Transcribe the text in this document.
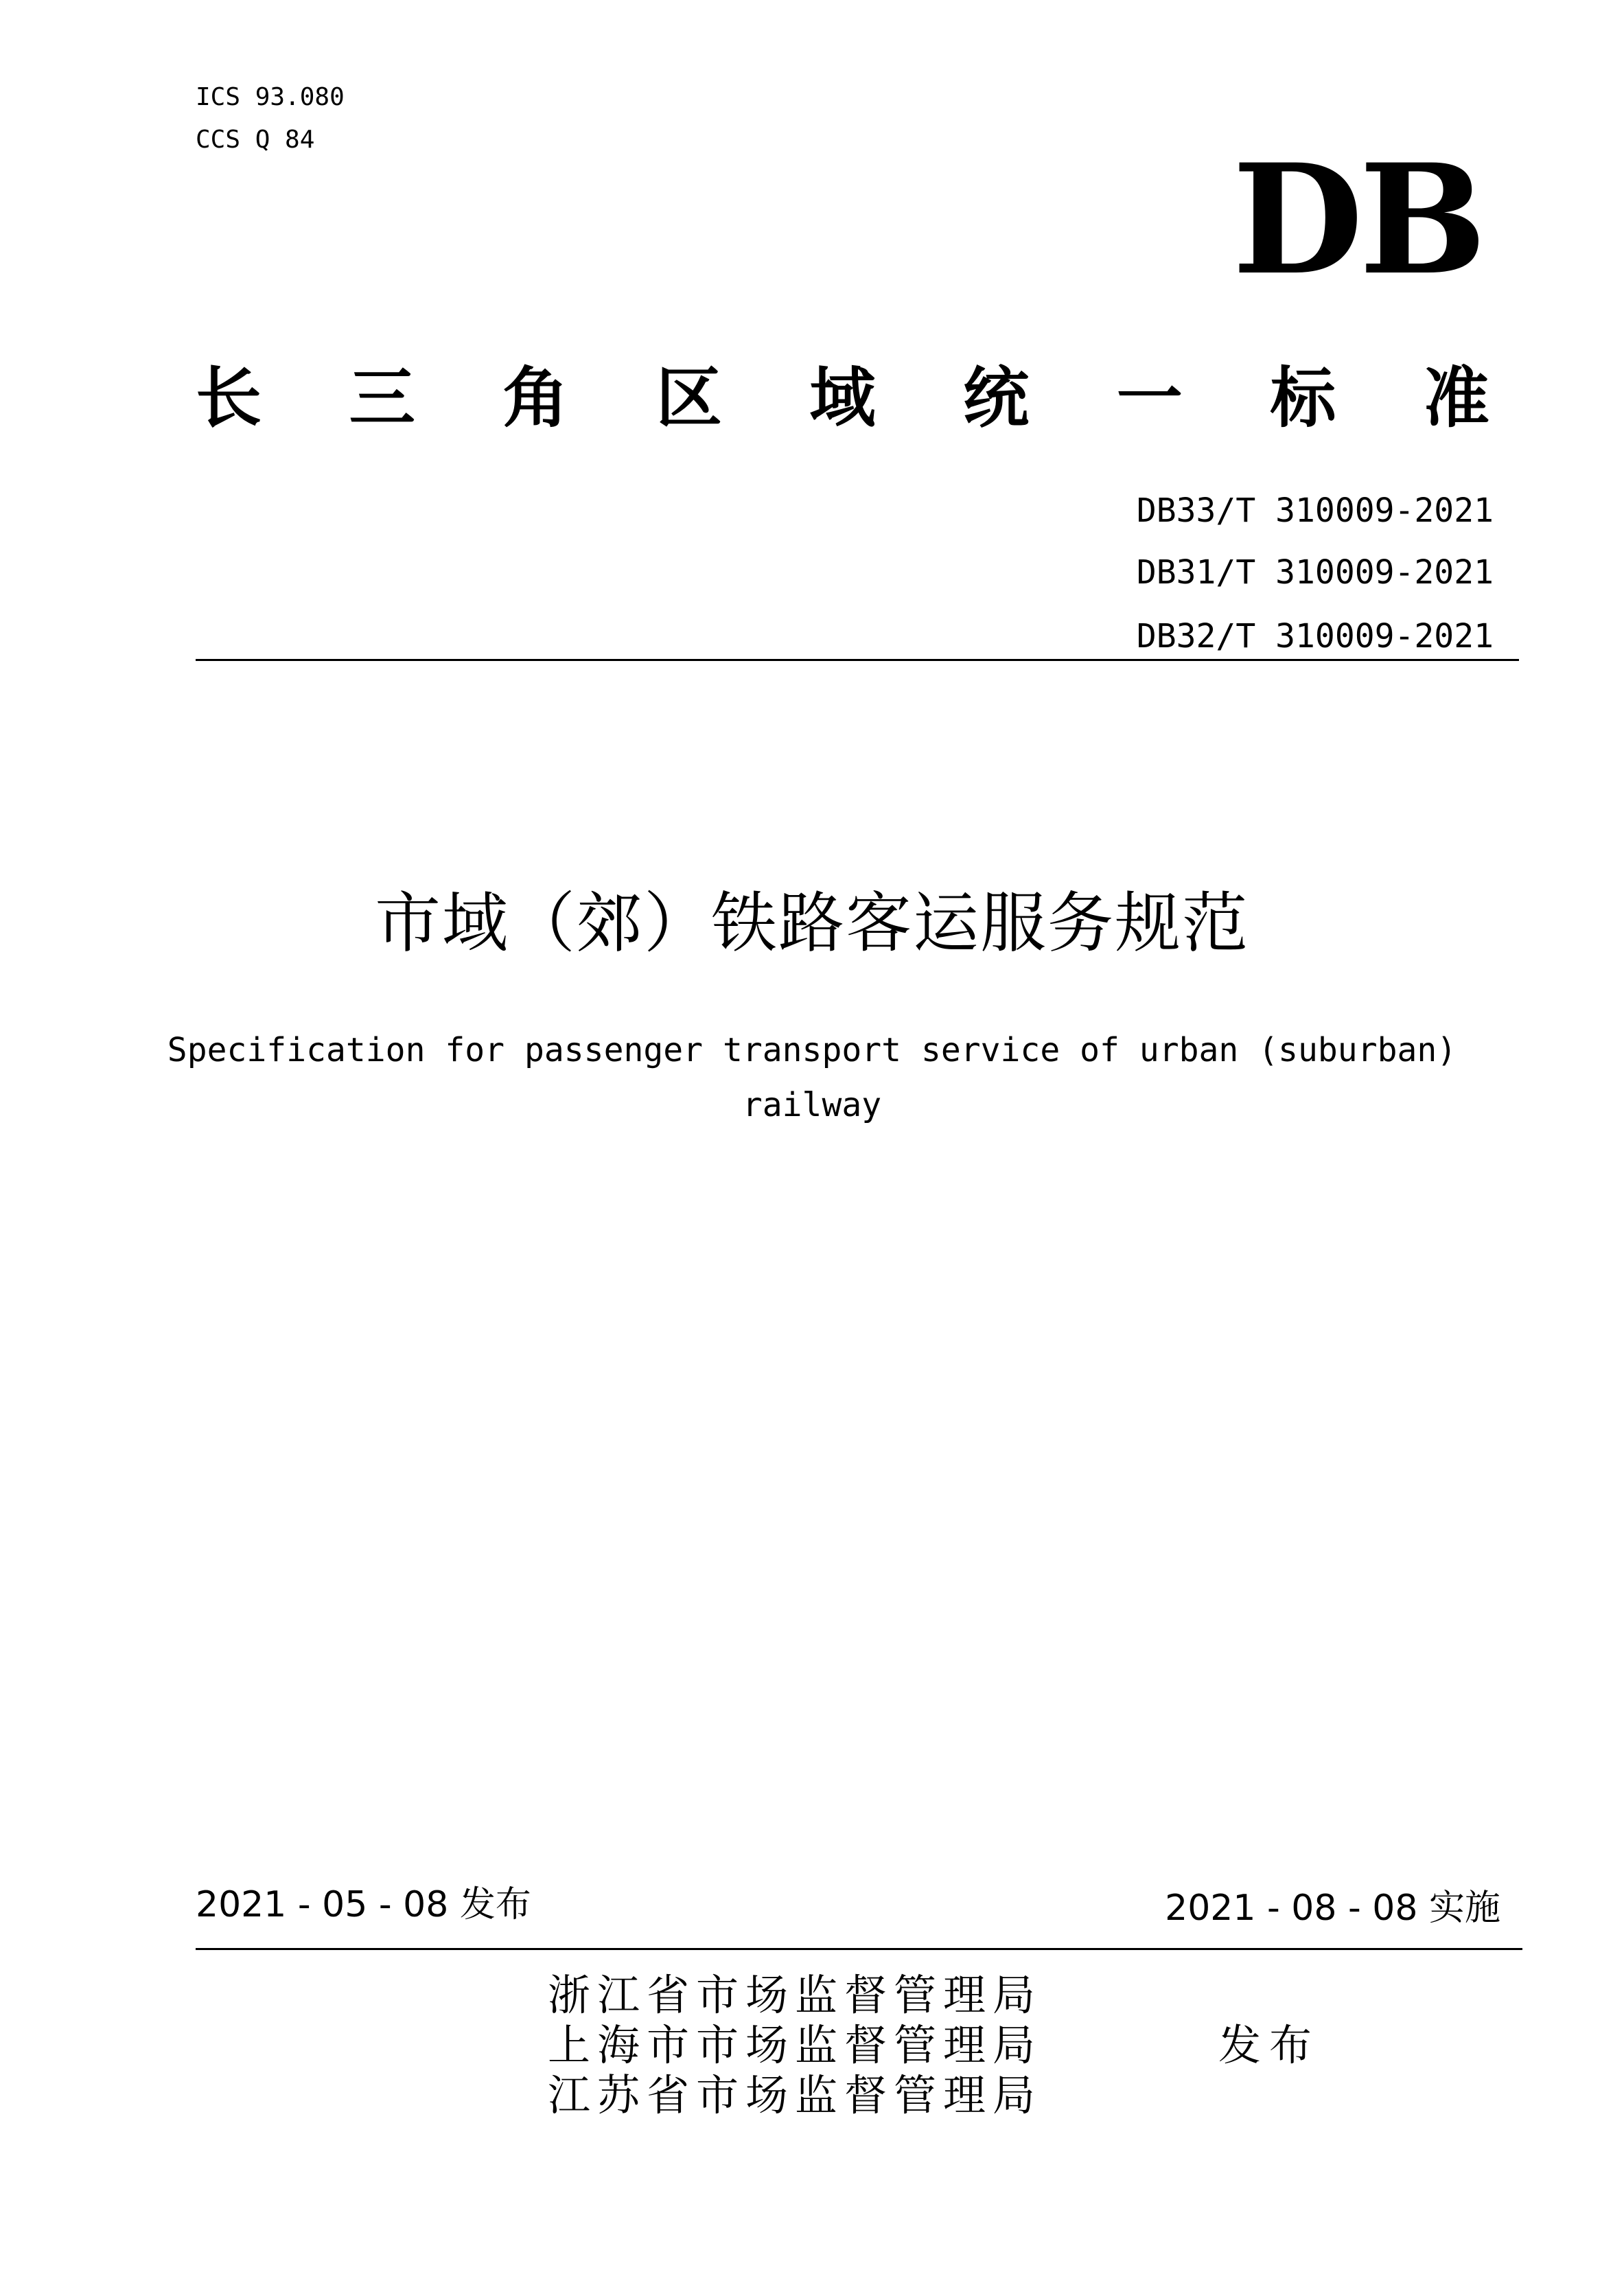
ICS 93.080
CCS Q 84	DB
长 三 角 区 域 统 一 标 准
DB33/T 310009-2021
DB31/T 310009-2021
DB32/T 310009-2021
市域（郊）铁路客运服务规范
Specification for passenger transport service of urban (suburban) railway
2021 - 05 - 08 发布	2021 - 08 - 08 实施
浙江省市场监督管理局
上海市市场监督管理局
江苏省市场监督管理局
发布
